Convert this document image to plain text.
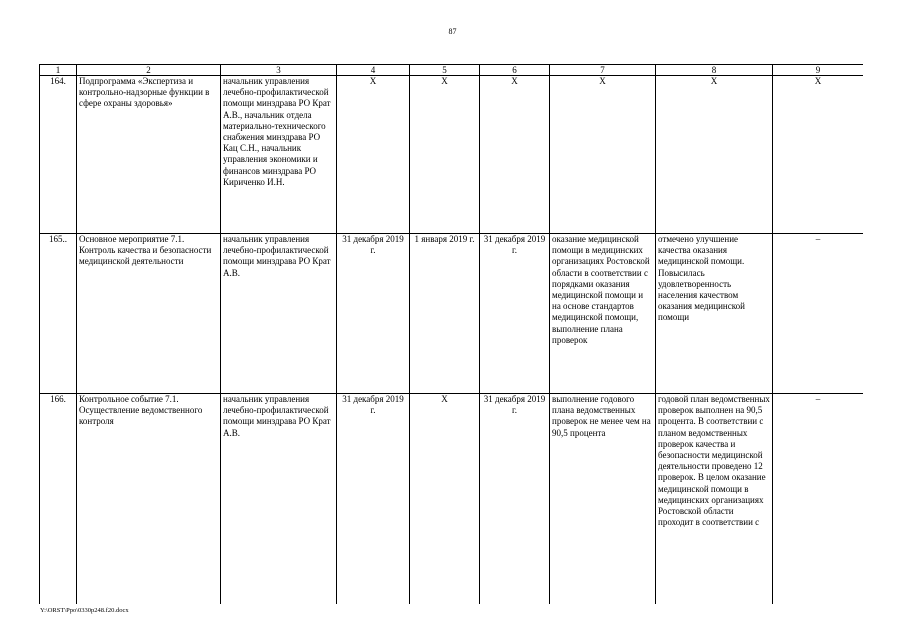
87
1	2	3	4	5	6	7	8	9
164.	Подпрограмма «Экспертиза и контрольно-надзорные функции в сфере охраны здоровья»	начальник управления лечебно-профилактической помощи минздрава РО Крат А.В., начальник отдела материально-технического снабжения минздрава РО Кац С.Н., начальник управления экономики и финансов минздрава РО Кириченко И.Н.	Х	Х	Х	Х	Х	Х
165..	Основное мероприятие 7.1. Контроль качества и безопасности медицинской деятельности	начальник управления лечебно-профилактической помощи минздрава РО Крат А.В.	31 декабря 2019 г.	1 января 2019 г.	31 декабря 2019 г.	оказание медицинской помощи в медицинских организациях Ростовской области в соответствии с порядками оказания медицинской помощи и на основе стандартов медицинской помощи, выполнение плана проверок	отмечено улучшение качества оказания медицинской помощи. Повысилась удовлетворенность населения качеством оказания медицинской помощи	–
166.	Контрольное событие 7.1. Осуществление ведомственного контроля	начальник управления лечебно-профилактической помощи минздрава РО Крат А.В.	31 декабря 2019 г.	Х	31 декабря 2019 г.	выполнение годового плана ведомственных проверок не менее чем на 90,5 процента	годовой план ведомственных проверок выполнен на 90,5 процента. В соответствии с планом ведомственных проверок качества и безопасности медицинской деятельности проведено 12 проверок. В целом оказание медицинской помощи в медицинских организациях Ростовской области проходит в соответствии с	–
Y:\ORST\Ppo\0330p248.f20.docx
